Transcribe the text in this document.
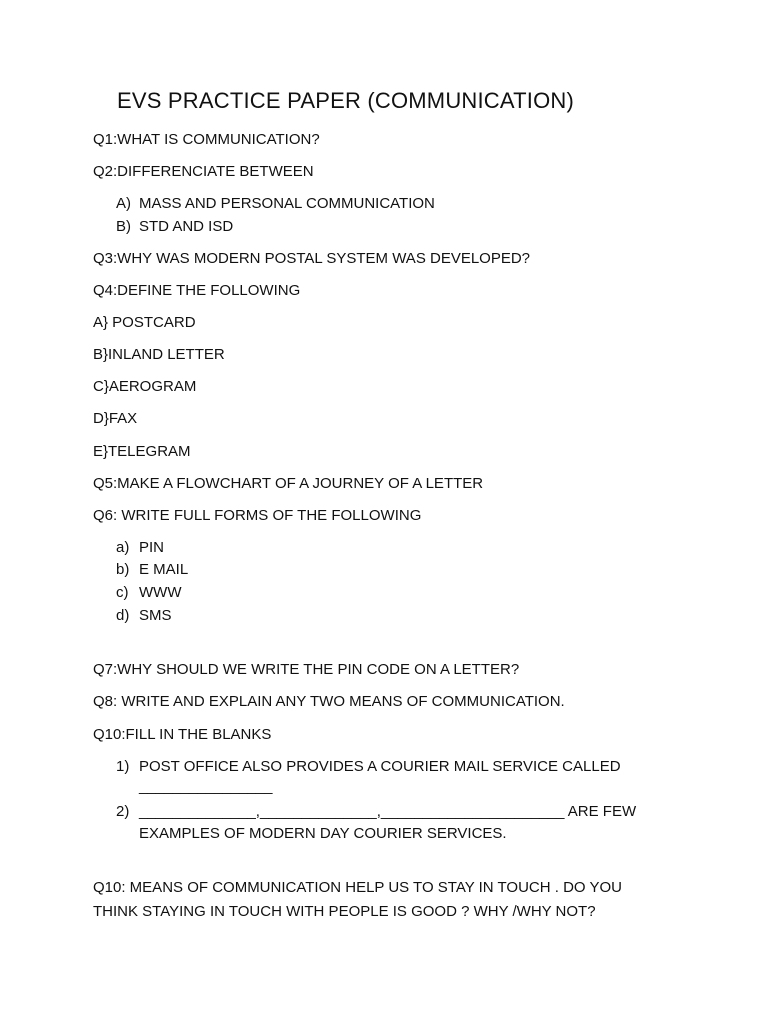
EVS PRACTICE PAPER (COMMUNICATION)
Q1:WHAT IS COMMUNICATION?
Q2:DIFFERENCIATE BETWEEN
A) MASS AND PERSONAL COMMUNICATION
B) STD AND ISD
Q3:WHY WAS MODERN POSTAL SYSTEM WAS DEVELOPED?
Q4:DEFINE THE FOLLOWING
A} POSTCARD
B}INLAND LETTER
C}AEROGRAM
D}FAX
E}TELEGRAM
Q5:MAKE A FLOWCHART OF A JOURNEY OF A LETTER
Q6: WRITE FULL FORMS OF THE FOLLOWING
a) PIN
b) E MAIL
c) WWW
d) SMS
Q7:WHY SHOULD WE WRITE THE PIN CODE ON A LETTER?
Q8: WRITE AND EXPLAIN ANY TWO MEANS OF COMMUNICATION.
Q10:FILL IN THE BLANKS
1) POST OFFICE ALSO PROVIDES A COURIER MAIL SERVICE CALLED
________________
2) ______________,______________,______________________ ARE FEW
EXAMPLES OF MODERN DAY COURIER SERVICES.
Q10: MEANS OF COMMUNICATION HELP US TO STAY IN TOUCH . DO YOU
THINK STAYING IN TOUCH WITH PEOPLE IS GOOD ? WHY /WHY NOT?
